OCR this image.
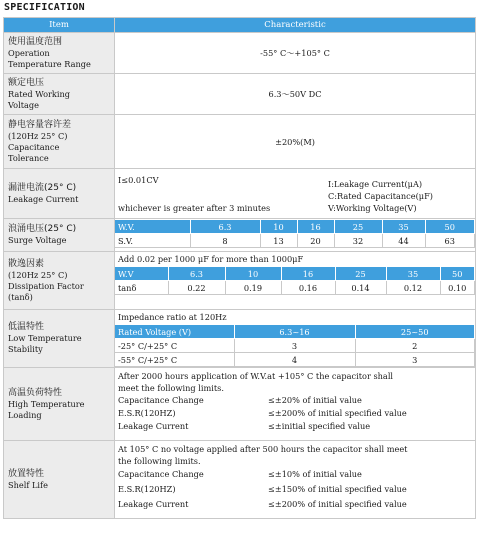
SPECIFICATION
Item	Characteristic

使用温度范围
Operation
Temperature Range
	-55° C～+105° C

额定电压
Rated Working
Voltage
	6.3～50V DC

静电容量容许差
(120Hz 25° C)
Capacitance
Tolerance
	±20%(M)

漏泄电流(25° C)
Leakage Current

I≤0.01CV
whichever is greater after 3 minutes
I:Leakage Current(μA)
C:Rated Capacitance(μF)
V:Working Voltage(V)

浪涌电压(25° C)
Surge Voltage

W.V.	6.3	10	16	25	35	50
S.V.	8	13	20	32	44	63

散逸因素
(120Hz 25° C)
Dissipation Factor
(tanδ)

Add 0.02 per 1000 μF for more than 1000μF
W.V	6.3	10	16	25	35	50
tanδ	0.22	0.19	0.16	0.14	0.12	0.10

低温特性
Low Temperature
Stability

Impedance ratio at 120Hz
Rated Voltage (V)	6.3~16	25~50
-25° C/+25° C	3	2
-55° C/+25° C	4	3

高温负荷特性
High Temperature
Loading

After 2000 hours application of W.V.at +105° C the capacitor shall
meet the following limits.
Capacitance Change	≤±20% of initial value
E.S.R(120HZ)	≤±200% of initial specified value
Leakage Current	≤±initial specified value

放置特性
Shelf Life

At 105° C no voltage applied after 500 hours the capacitor shall meet
the following limits.
Capacitance Change	≤±10% of initial value
E.S.R(120HZ)	≤±150% of initial specified value
Leakage Current	≤±200% of initial specified value
